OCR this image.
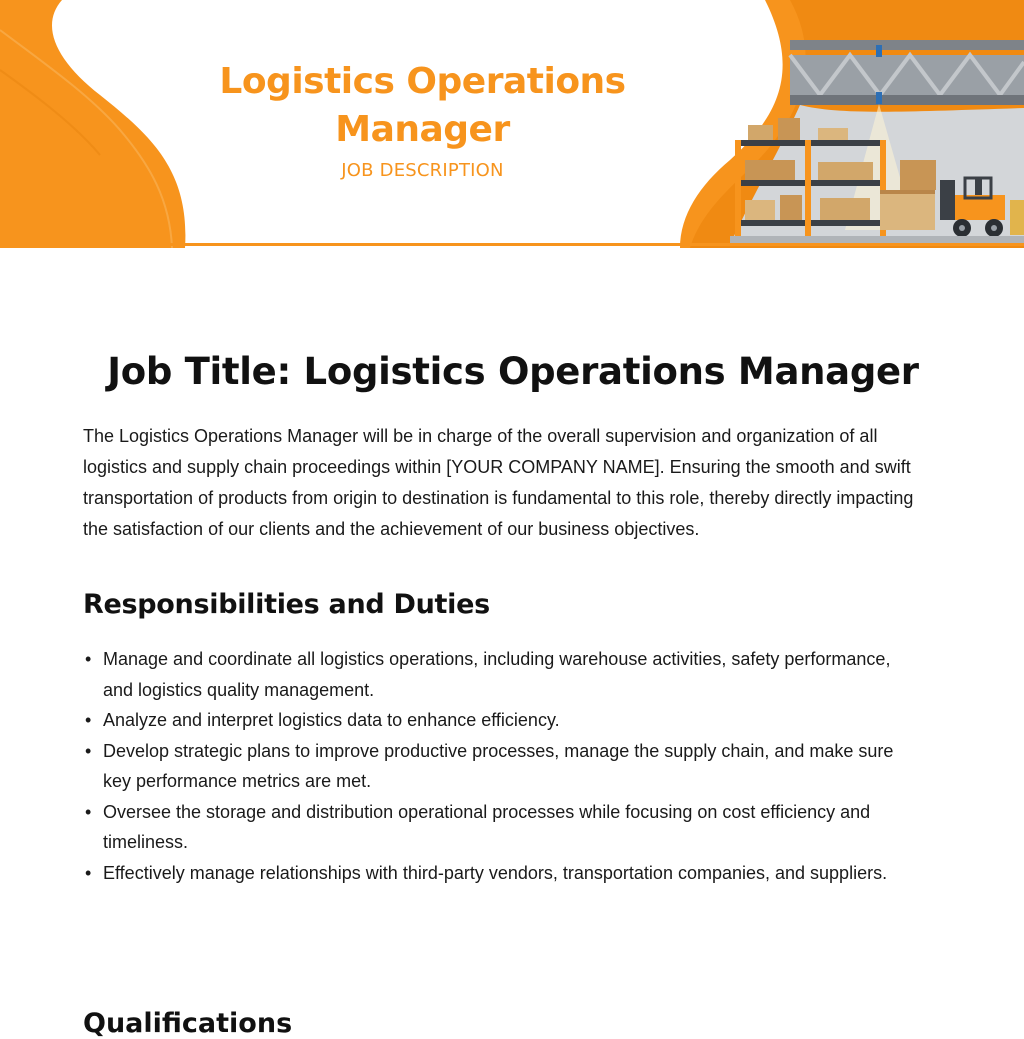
Logistics Operations Manager
JOB DESCRIPTION
Job Title: Logistics Operations Manager

The Logistics Operations Manager will be in charge of the overall supervision and organization of all logistics and supply chain proceedings within [YOUR COMPANY NAME]. Ensuring the smooth and swift transportation of products from origin to destination is fundamental to this role, thereby directly impacting the satisfaction of our clients and the achievement of our business objectives.

Responsibilities and Duties
• Manage and coordinate all logistics operations, including warehouse activities, safety performance, and logistics quality management.
• Analyze and interpret logistics data to enhance efficiency.
• Develop strategic plans to improve productive processes, manage the supply chain, and make sure key performance metrics are met.
• Oversee the storage and distribution operational processes while focusing on cost efficiency and timeliness.
• Effectively manage relationships with third-party vendors, transportation companies, and suppliers.
Qualifications
